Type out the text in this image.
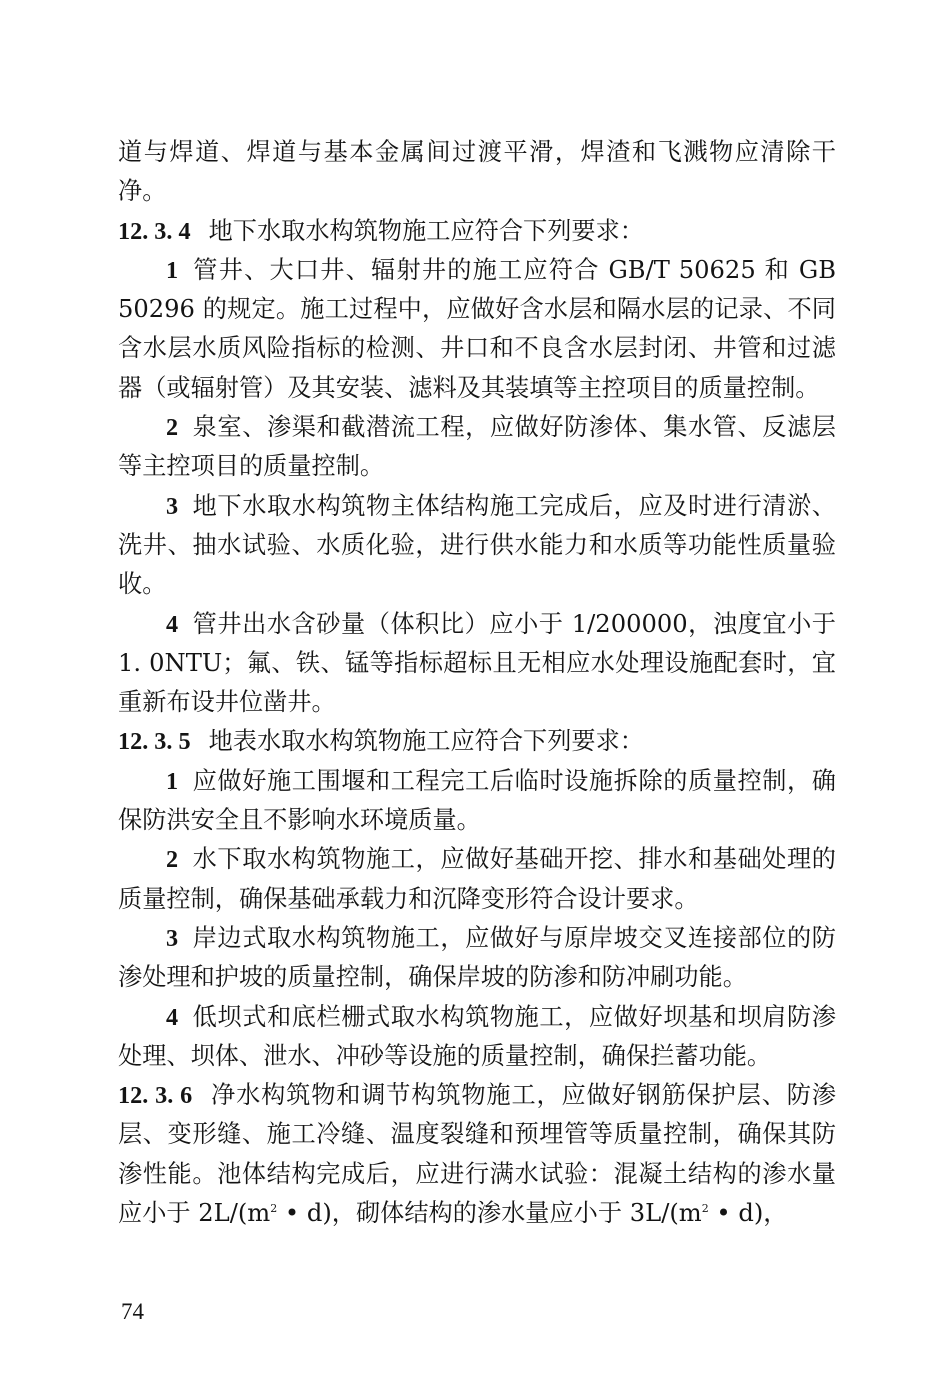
道与焊道、焊道与基本金属间过渡平滑，焊渣和飞溅物应清除干净。

12. 3. 4 地下水取水构筑物施工应符合下列要求：

1 管井、大口井、辐射井的施工应符合 GB/T 50625 和 GB 50296 的规定。施工过程中，应做好含水层和隔水层的记录、不同含水层水质风险指标的检测、井口和不良含水层封闭、井管和过滤器（或辐射管）及其安装、滤料及其装填等主控项目的质量控制。

2 泉室、渗渠和截潜流工程，应做好防渗体、集水管、反滤层等主控项目的质量控制。

3 地下水取水构筑物主体结构施工完成后，应及时进行清淤、洗井、抽水试验、水质化验，进行供水能力和水质等功能性质量验收。

4 管井出水含砂量（体积比）应小于 1/200000，浊度宜小于 1. 0NTU；氟、铁、锰等指标超标且无相应水处理设施配套时，宜重新布设井位凿井。

12. 3. 5 地表水取水构筑物施工应符合下列要求：

1 应做好施工围堰和工程完工后临时设施拆除的质量控制，确保防洪安全且不影响水环境质量。

2 水下取水构筑物施工，应做好基础开挖、排水和基础处理的质量控制，确保基础承载力和沉降变形符合设计要求。

3 岸边式取水构筑物施工，应做好与原岸坡交叉连接部位的防渗处理和护坡的质量控制，确保岸坡的防渗和防冲刷功能。

4 低坝式和底栏栅式取水构筑物施工，应做好坝基和坝肩防渗处理、坝体、泄水、冲砂等设施的质量控制，确保拦蓄功能。

12. 3. 6 净水构筑物和调节构筑物施工，应做好钢筋保护层、防渗层、变形缝、施工冷缝、温度裂缝和预埋管等质量控制，确保其防渗性能。池体结构完成后，应进行满水试验：混凝土结构的渗水量应小于 $2L/(m^2$ • d)，砌体结构的渗水量应小于 $3L/(m^2$ • d)，

74
